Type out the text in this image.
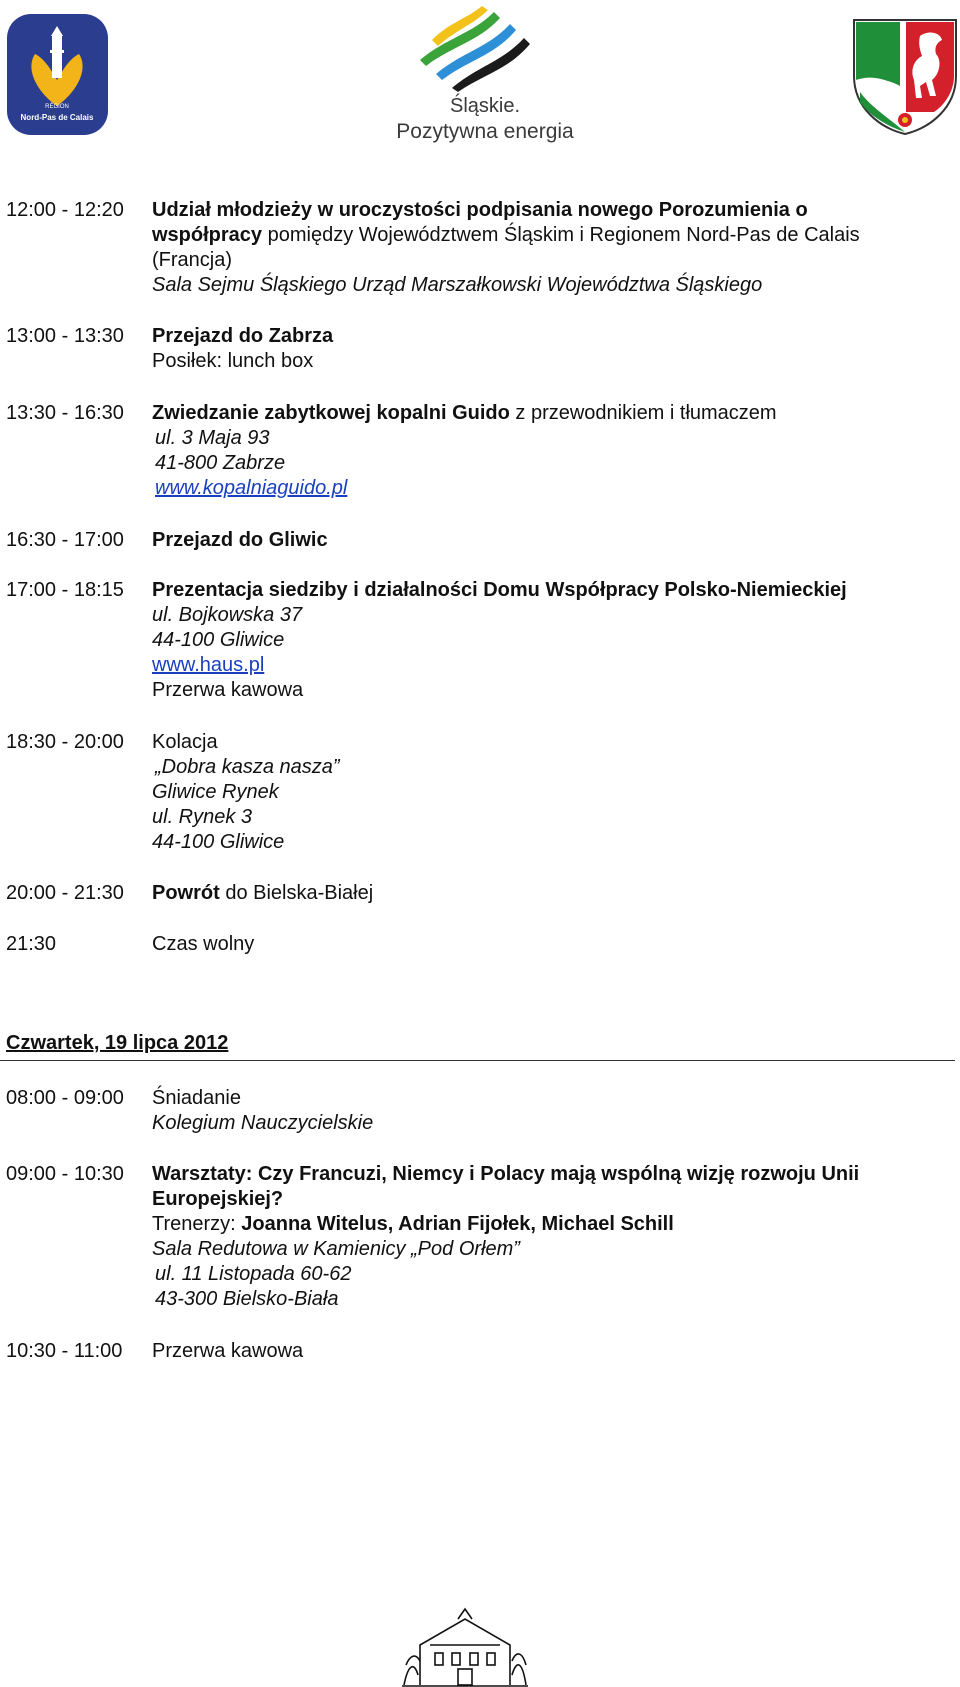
RÉGION
Nord-Pas de Calais
Śląskie.
Pozytywna energia
12:00 - 12:20	Udział młodzieży w uroczystości podpisania nowego Porozumienia o
współpracy pomiędzy Województwem Śląskim i Regionem Nord-Pas de Calais
(Francja)
Sala Sejmu Śląskiego Urząd Marszałkowski Województwa Śląskiego
13:00 - 13:30	Przejazd do Zabrza
Posiłek: lunch box
13:30 - 16:30	Zwiedzanie zabytkowej kopalni Guido z przewodnikiem i tłumaczem
ul. 3 Maja 93
41-800 Zabrze
www.kopalniaguido.pl
16:30 - 17:00	Przejazd do Gliwic
17:00 - 18:15	Prezentacja siedziby i działalności Domu Współpracy Polsko-Niemieckiej
ul. Bojkowska 37
44-100 Gliwice
www.haus.pl
Przerwa kawowa
18:30 - 20:00	Kolacja
„Dobra kasza nasza”
Gliwice Rynek
ul. Rynek 3
44-100 Gliwice
20:00 - 21:30	Powrót do Bielska-Białej
21:30	Czas wolny
Czwartek, 19 lipca 2012
08:00 - 09:00	Śniadanie
Kolegium Nauczycielskie
09:00 - 10:30	Warsztaty: Czy Francuzi, Niemcy i Polacy mają wspólną wizję rozwoju Unii
Europejskiej?
Trenerzy: Joanna Witelus, Adrian Fijołek, Michael Schill
Sala Redutowa w Kamienicy „Pod Orłem”
ul. 11 Listopada 60-62
43-300 Bielsko-Biała
10:30 - 11:00	Przerwa kawowa
